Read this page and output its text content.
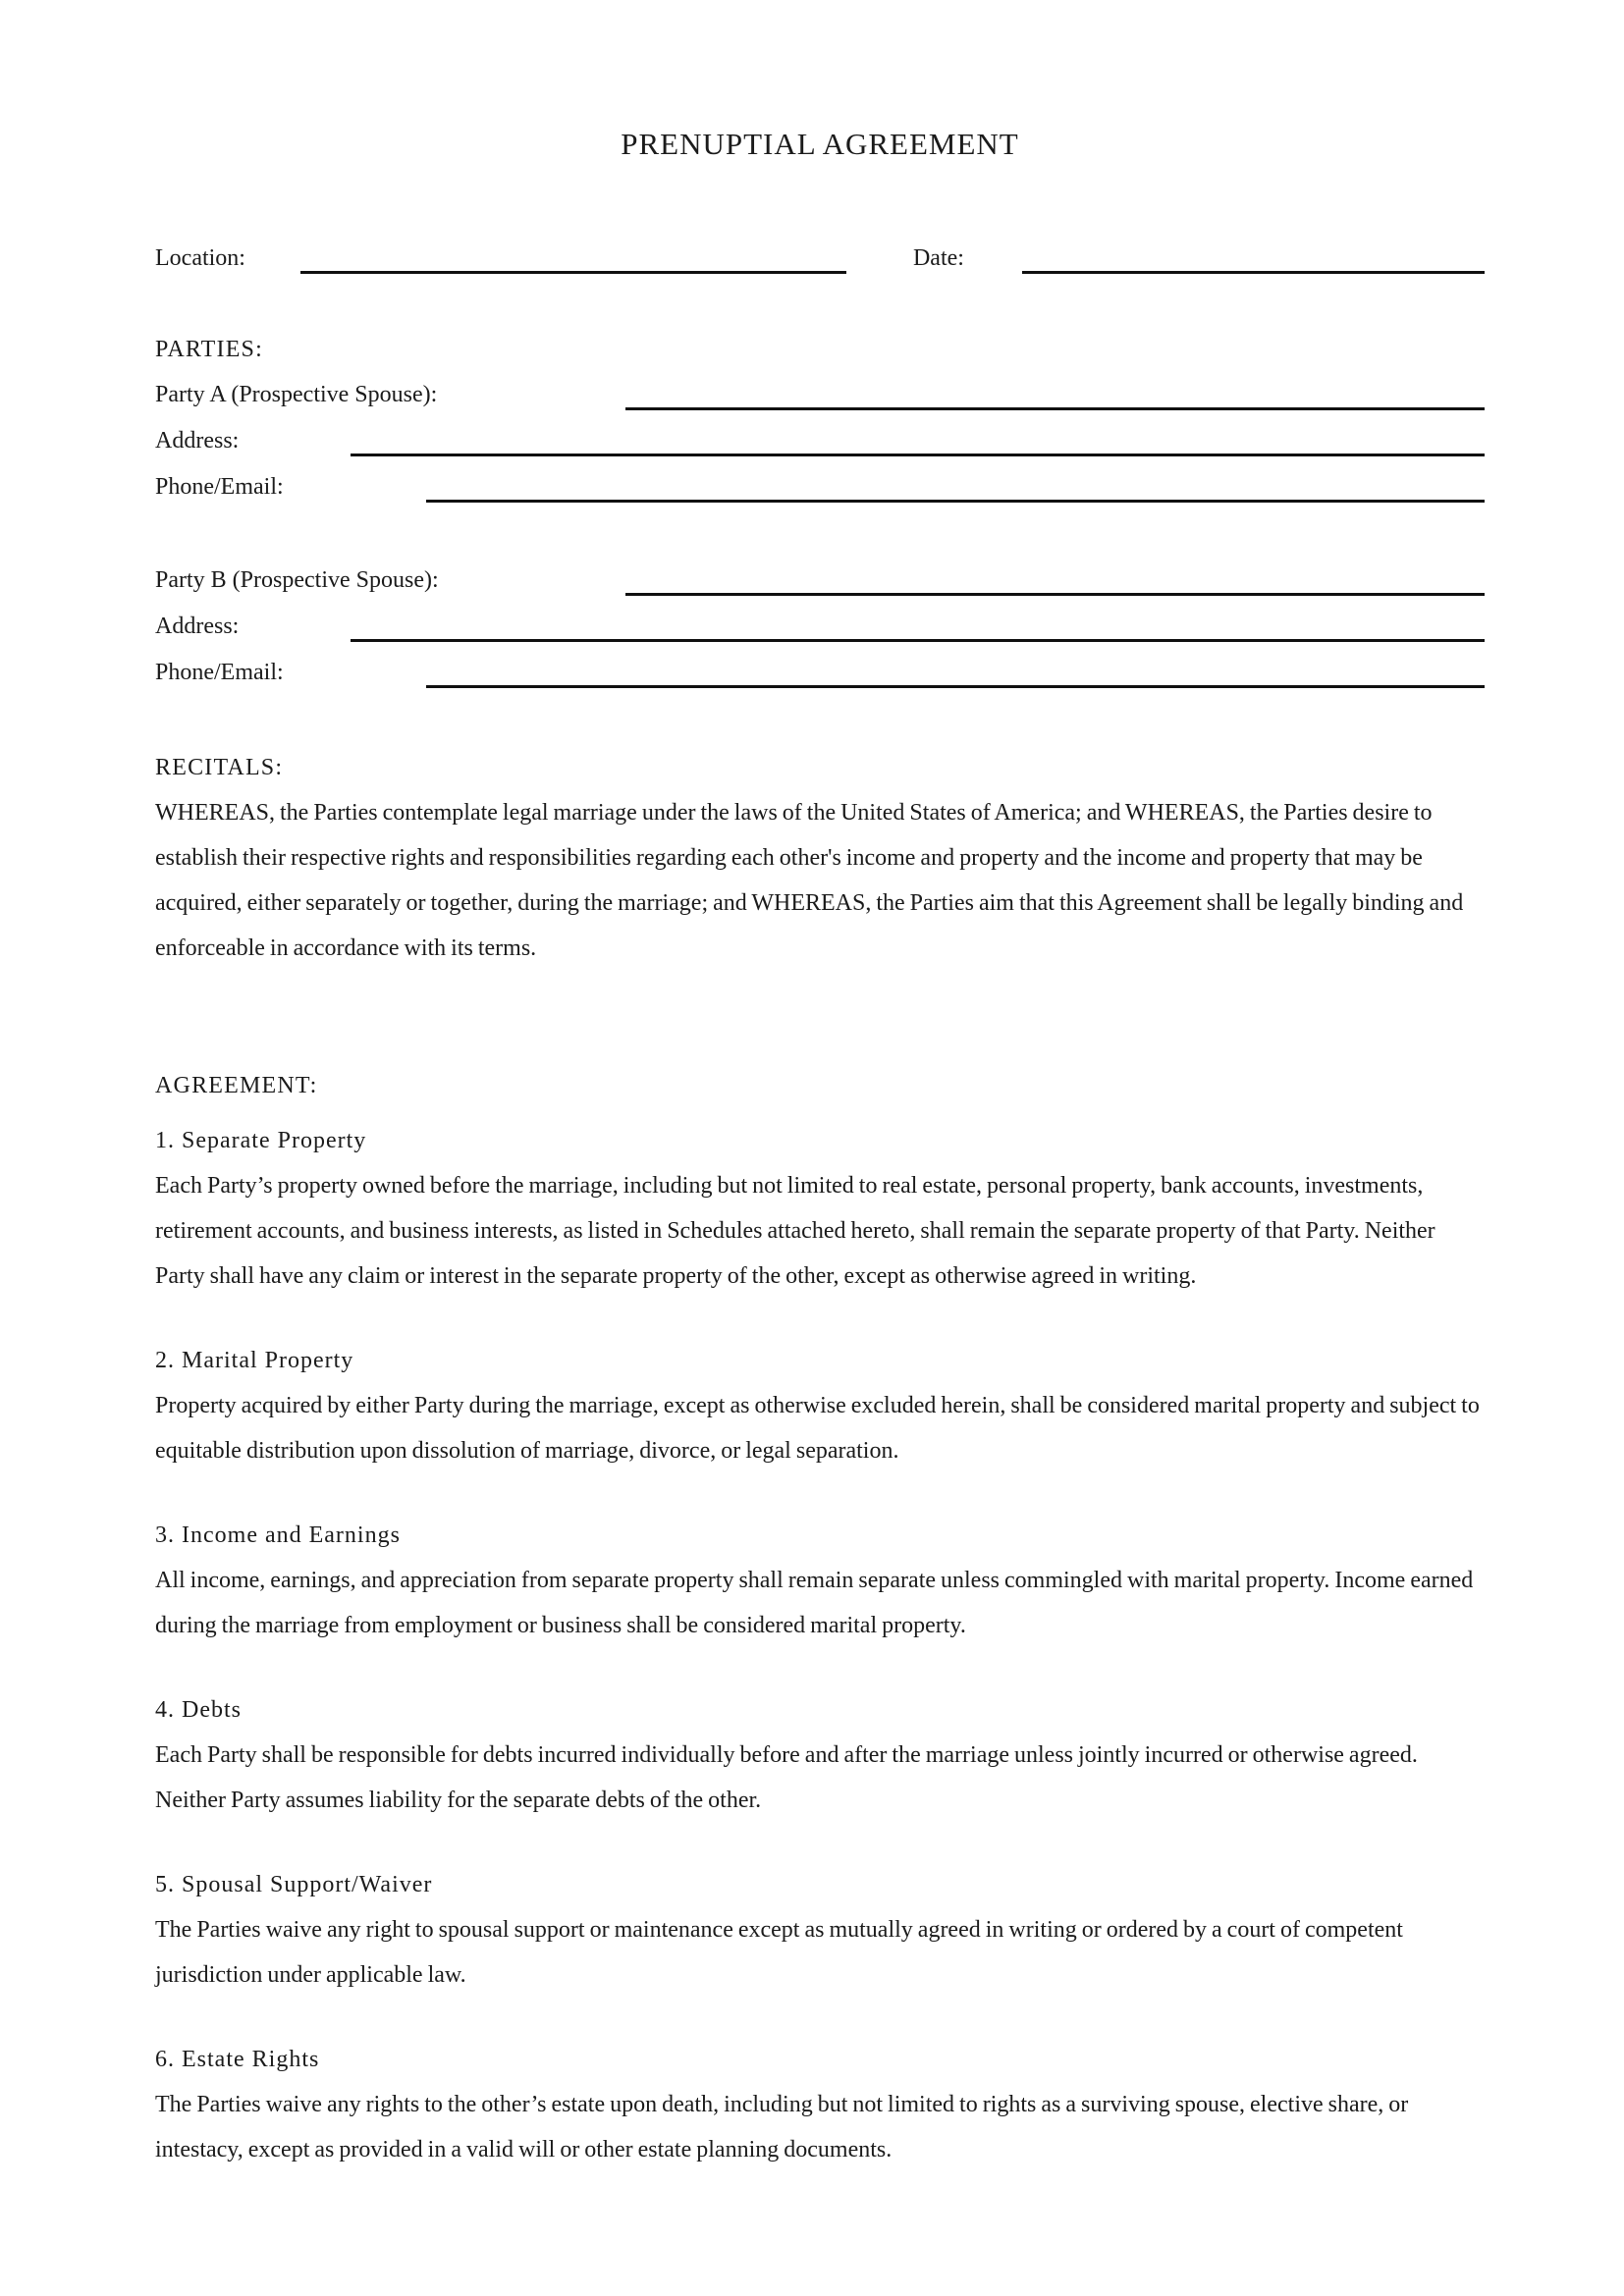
PRENUPTIAL AGREEMENT
Location:	Date:
PARTIES:
Party A (Prospective Spouse):
Address:
Phone/Email:
Party B (Prospective Spouse):
Address:
Phone/Email:
RECITALS:

WHEREAS, the Parties contemplate legal marriage under the laws of the United States of America; and WHEREAS, the Parties desire to establish their respective rights and responsibilities regarding each other's income and property and the income and property that may be acquired, either separately or together, during the marriage; and WHEREAS, the Parties aim that this Agreement shall be legally binding and enforceable in accordance with its terms.

AGREEMENT:
1. Separate Property

Each Party’s property owned before the marriage, including but not limited to real estate, personal property, bank accounts, investments, retirement accounts, and business interests, as listed in Schedules attached hereto, shall remain the separate property of that Party. Neither Party shall have any claim or interest in the separate property of the other, except as otherwise agreed in writing.

2. Marital Property

Property acquired by either Party during the marriage, except as otherwise excluded herein, shall be considered marital property and subject to equitable distribution upon dissolution of marriage, divorce, or legal separation.

3. Income and Earnings

All income, earnings, and appreciation from separate property shall remain separate unless commingled with marital property. Income earned during the marriage from employment or business shall be considered marital property.

4. Debts

Each Party shall be responsible for debts incurred individually before and after the marriage unless jointly incurred or otherwise agreed. Neither Party assumes liability for the separate debts of the other.

5. Spousal Support/Waiver

The Parties waive any right to spousal support or maintenance except as mutually agreed in writing or ordered by a court of competent jurisdiction under applicable law.

6. Estate Rights

The Parties waive any rights to the other’s estate upon death, including but not limited to rights as a surviving spouse, elective share, or intestacy, except as provided in a valid will or other estate planning documents.
